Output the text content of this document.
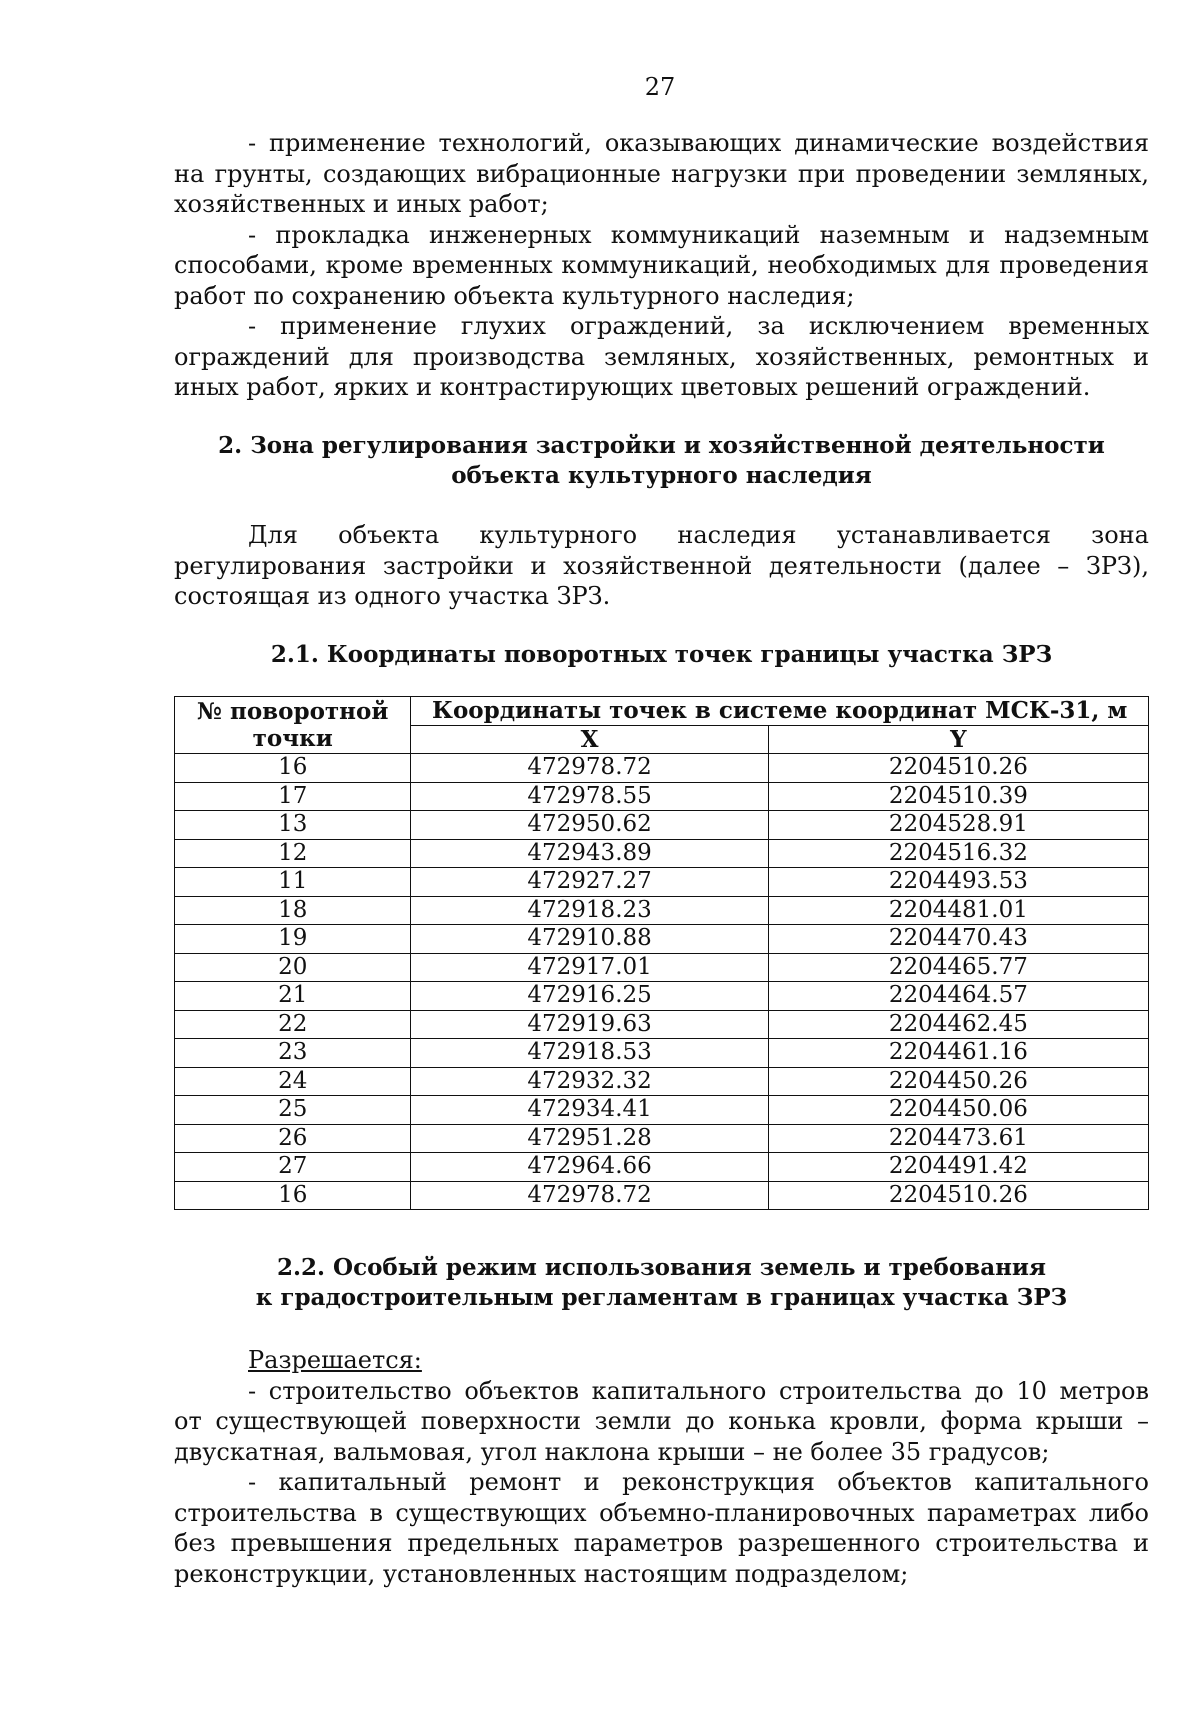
27

- применение технологий, оказывающих динамические воздействия на грунты, создающих вибрационные нагрузки при проведении земляных, хозяйственных и иных работ;

- прокладка инженерных коммуникаций наземным и надземным способами, кроме временных коммуникаций, необходимых для проведения работ по сохранению объекта культурного наследия;

- применение глухих ограждений, за исключением временных ограждений для производства земляных, хозяйственных, ремонтных и иных работ, ярких и контрастирующих цветовых решений ограждений.

2. Зона регулирования застройки и хозяйственной деятельности
объекта культурного наследия

Для объекта культурного наследия устанавливается зона регулирования застройки и хозяйственной деятельности (далее – ЗРЗ), состоящая из одного участка ЗРЗ.

2.1. Координаты поворотных точек границы участка ЗРЗ
№ поворотной точки	Координаты точек в системе координат МСК-31, м	
	X	Y
16	472978.72	2204510.26
17	472978.55	2204510.39
13	472950.62	2204528.91
12	472943.89	2204516.32
11	472927.27	2204493.53
18	472918.23	2204481.01
19	472910.88	2204470.43
20	472917.01	2204465.77
21	472916.25	2204464.57
22	472919.63	2204462.45
23	472918.53	2204461.16
24	472932.32	2204450.26
25	472934.41	2204450.06
26	472951.28	2204473.61
27	472964.66	2204491.42
16	472978.72	2204510.26
2.2. Особый режим использования земель и требования
к градостроительным регламентам в границах участка ЗРЗ

Разрешается:

- строительство объектов капитального строительства до 10 метров от существующей поверхности земли до конька кровли, форма крыши – двускатная, вальмовая, угол наклона крыши – не более 35 градусов;

- капитальный ремонт и реконструкция объектов капитального строительства в существующих объемно-планировочных параметрах либо без превышения предельных параметров разрешенного строительства и реконструкции, установленных настоящим подразделом;
